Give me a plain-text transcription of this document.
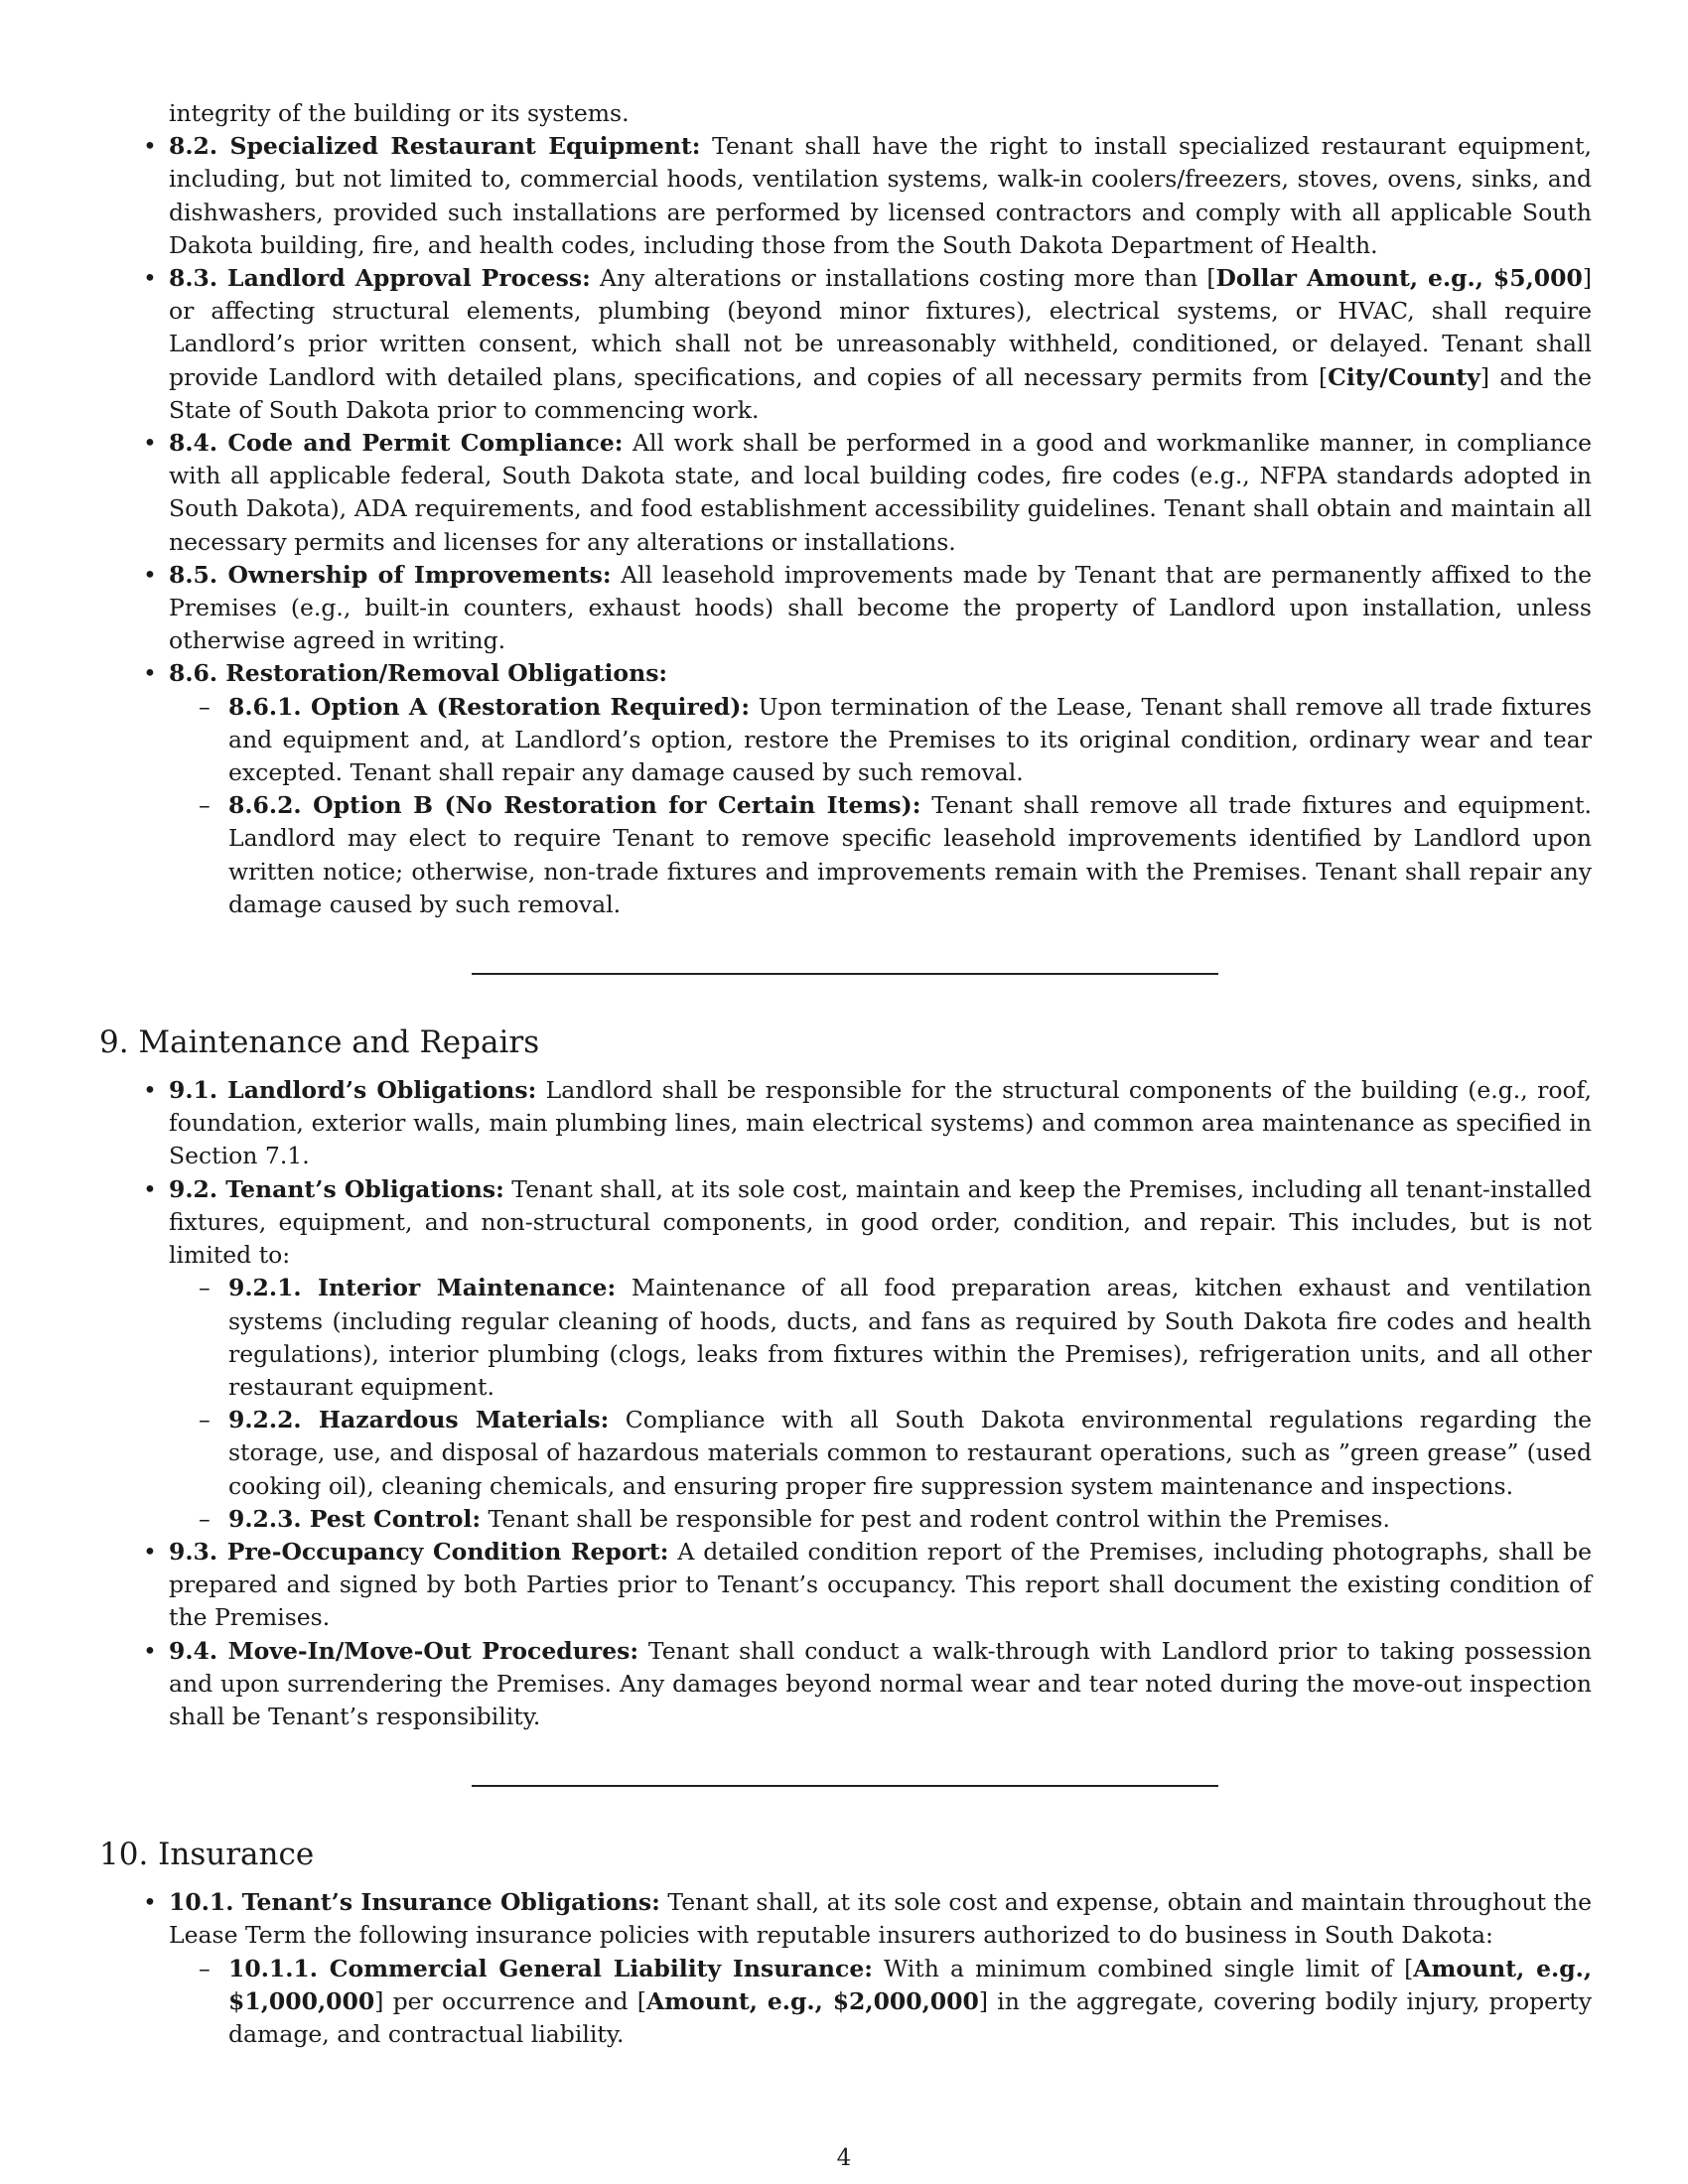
integrity of the building or its systems.
• 8.2. Specialized Restaurant Equipment: Tenant shall have the right to install specialized restaurant equipment, including, but not limited to, commercial hoods, ventilation systems, walk-in coolers/freezers, stoves, ovens, sinks, and dishwashers, provided such installations are performed by licensed contractors and comply with all applicable South Dakota building, fire, and health codes, including those from the South Dakota Department of Health.
• 8.3. Landlord Approval Process: Any alterations or installations costing more than [Dollar Amount, e.g., $5,000] or affecting structural elements, plumbing (beyond minor fixtures), electrical systems, or HVAC, shall require Landlord’s prior written consent, which shall not be unreasonably withheld, conditioned, or delayed. Tenant shall provide Landlord with detailed plans, specifications, and copies of all necessary permits from [City/County] and the State of South Dakota prior to commencing work.
• 8.4. Code and Permit Compliance: All work shall be performed in a good and workmanlike manner, in compliance with all applicable federal, South Dakota state, and local building codes, fire codes (e.g., NFPA standards adopted in South Dakota), ADA requirements, and food establishment accessibility guidelines. Tenant shall obtain and maintain all necessary permits and licenses for any alterations or installations.
• 8.5. Ownership of Improvements: All leasehold improvements made by Tenant that are permanently affixed to the Premises (e.g., built-in counters, exhaust hoods) shall become the property of Landlord upon installation, unless otherwise agreed in writing.
• 8.6. Restoration/Removal Obligations:
– 8.6.1. Option A (Restoration Required): Upon termination of the Lease, Tenant shall remove all trade fixtures and equipment and, at Landlord’s option, restore the Premises to its original condition, ordinary wear and tear excepted. Tenant shall repair any damage caused by such removal.
– 8.6.2. Option B (No Restoration for Certain Items): Tenant shall remove all trade fixtures and equipment. Landlord may elect to require Tenant to remove specific leasehold improvements identified by Landlord upon written notice; otherwise, non-trade fixtures and improvements remain with the Premises. Tenant shall repair any damage caused by such removal.
9. Maintenance and Repairs
• 9.1. Landlord’s Obligations: Landlord shall be responsible for the structural components of the building (e.g., roof, foundation, exterior walls, main plumbing lines, main electrical systems) and common area maintenance as specified in Section 7.1.
• 9.2. Tenant’s Obligations: Tenant shall, at its sole cost, maintain and keep the Premises, including all tenant-installed fixtures, equipment, and non-structural components, in good order, condition, and repair. This includes, but is not limited to:
– 9.2.1. Interior Maintenance: Maintenance of all food preparation areas, kitchen exhaust and ventilation systems (including regular cleaning of hoods, ducts, and fans as required by South Dakota fire codes and health regulations), interior plumbing (clogs, leaks from fixtures within the Premises), refrigeration units, and all other restaurant equipment.
– 9.2.2. Hazardous Materials: Compliance with all South Dakota environmental regulations regarding the storage, use, and disposal of hazardous materials common to restaurant operations, such as ”green grease” (used cooking oil), cleaning chemicals, and ensuring proper fire suppression system maintenance and inspections.
– 9.2.3. Pest Control: Tenant shall be responsible for pest and rodent control within the Premises.
• 9.3. Pre-Occupancy Condition Report: A detailed condition report of the Premises, including photographs, shall be prepared and signed by both Parties prior to Tenant’s occupancy. This report shall document the existing condition of the Premises.
• 9.4. Move-In/Move-Out Procedures: Tenant shall conduct a walk-through with Landlord prior to taking possession and upon surrendering the Premises. Any damages beyond normal wear and tear noted during the move-out inspection shall be Tenant’s responsibility.
10. Insurance
• 10.1. Tenant’s Insurance Obligations: Tenant shall, at its sole cost and expense, obtain and maintain throughout the Lease Term the following insurance policies with reputable insurers authorized to do business in South Dakota:
– 10.1.1. Commercial General Liability Insurance: With a minimum combined single limit of [Amount, e.g., $1,000,000] per occurrence and [Amount, e.g., $2,000,000] in the aggregate, covering bodily injury, property damage, and contractual liability.
4
